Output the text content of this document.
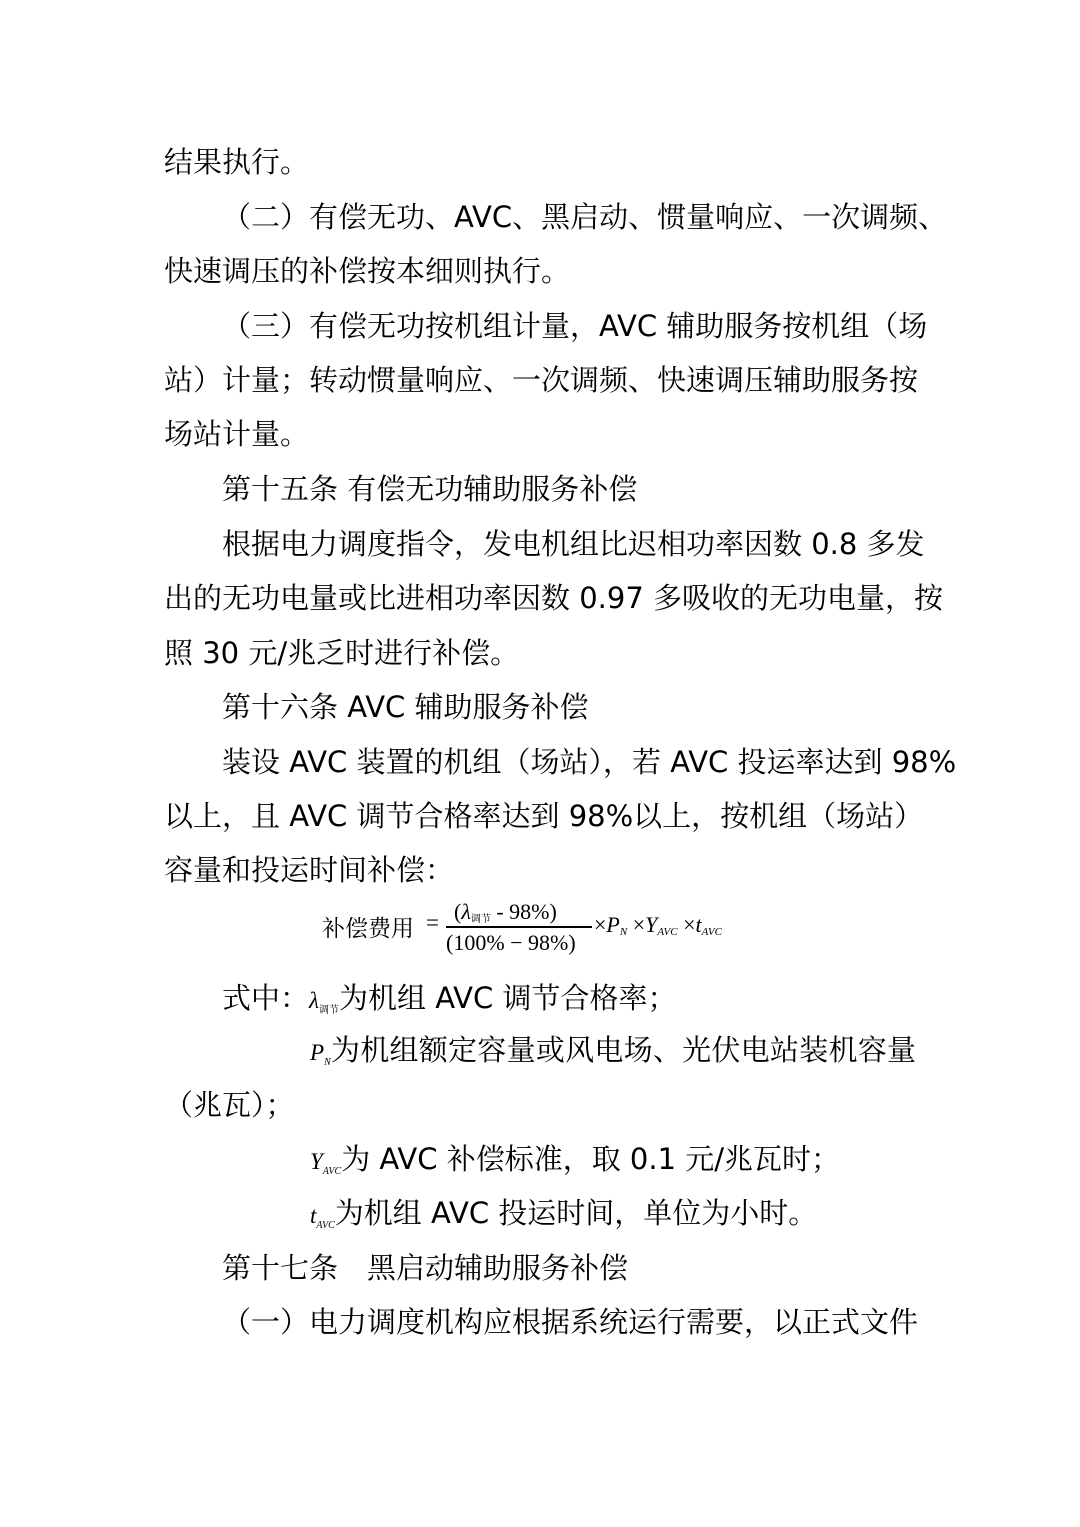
结果执行。
（二）有偿无功、AVC、黑启动、惯量响应、一次调频、
快速调压的补偿按本细则执行。
（三）有偿无功按机组计量，AVC 辅助服务按机组（场
站）计量；转动惯量响应、一次调频、快速调压辅助服务按
场站计量。
第十五条 有偿无功辅助服务补偿
根据电力调度指令，发电机组比迟相功率因数 0.8 多发
出的无功电量或比进相功率因数 0.97 多吸收的无功电量，按
照 30 元/兆乏时进行补偿。
第十六条 AVC 辅助服务补偿
装设 AVC 装置的机组（场站），若 AVC 投运率达到 98%
以上，且 AVC 调节合格率达到 98%以上，按机组（场站）
容量和投运时间补偿：
补偿费用 = (λ调节 - 98%)
(100% − 98%)
$\times P_N \times Y_{AVC} \times t_{AVC}$
式中：λ调节为机组 AVC 调节合格率；
PN为机组额定容量或风电场、光伏电站装机容量
（兆瓦）；
YAVC为 AVC 补偿标准，取 0.1 元/兆瓦时；
tAVC为机组 AVC 投运时间，单位为小时。
第十七条　黑启动辅助服务补偿
（一）电力调度机构应根据系统运行需要，以正式文件
